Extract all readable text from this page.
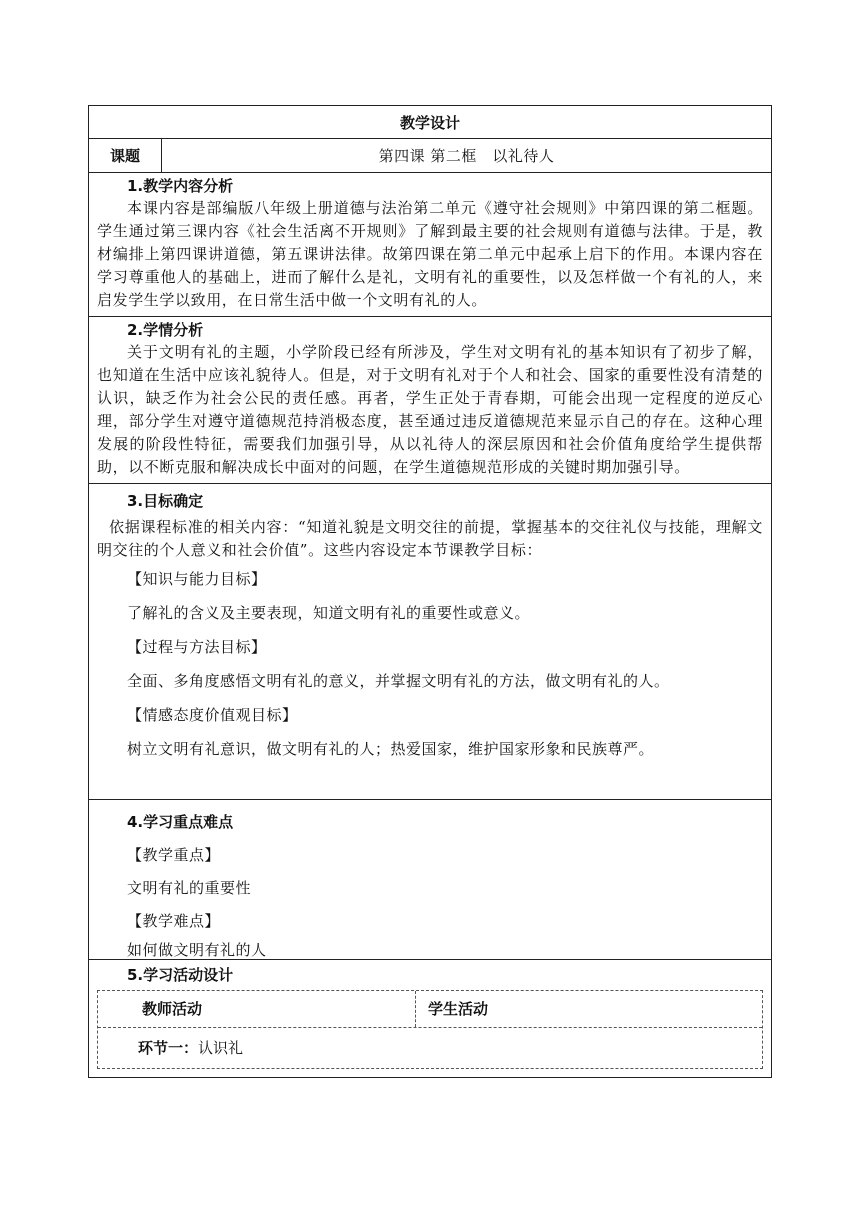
教学设计
课题	第四课 第二框　以礼待人
1.教学内容分析
本课内容是部编版八年级上册道德与法治第二单元《遵守社会规则》中第四课的第二框题。学生通过第三课内容《社会生活离不开规则》了解到最主要的社会规则有道德与法律。于是，教材编排上第四课讲道德，第五课讲法律。故第四课在第二单元中起承上启下的作用。本课内容在学习尊重他人的基础上，进而了解什么是礼，文明有礼的重要性，以及怎样做一个有礼的人，来启发学生学以致用，在日常生活中做一个文明有礼的人。
2.学情分析
关于文明有礼的主题，小学阶段已经有所涉及，学生对文明有礼的基本知识有了初步了解，也知道在生活中应该礼貌待人。但是，对于文明有礼对于个人和社会、国家的重要性没有清楚的认识，缺乏作为社会公民的责任感。再者，学生正处于青春期，可能会出现一定程度的逆反心理，部分学生对遵守道德规范持消极态度，甚至通过违反道德规范来显示自己的存在。这种心理发展的阶段性特征，需要我们加强引导，从以礼待人的深层原因和社会价值角度给学生提供帮助，以不断克服和解决成长中面对的问题，在学生道德规范形成的关键时期加强引导。
3.目标确定
依据课程标准的相关内容：“知道礼貌是文明交往的前提，掌握基本的交往礼仪与技能，理解文明交往的个人意义和社会价值”。这些内容设定本节课教学目标：
【知识与能力目标】
了解礼的含义及主要表现，知道文明有礼的重要性或意义。
【过程与方法目标】
全面、多角度感悟文明有礼的意义，并掌握文明有礼的方法，做文明有礼的人。
【情感态度价值观目标】
树立文明有礼意识，做文明有礼的人；热爱国家，维护国家形象和民族尊严。
4.学习重点难点
【教学重点】
文明有礼的重要性
【教学难点】
如何做文明有礼的人
5.学习活动设计
教师活动	学生活动
环节一： 认识礼
